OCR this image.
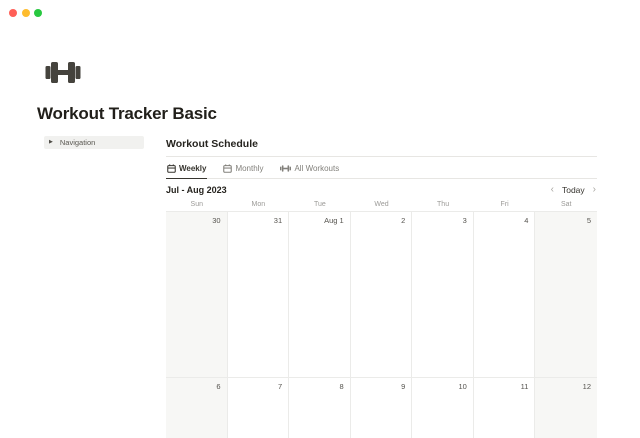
Workout Tracker Basic
▶ Navigation	Workout Schedule
Weekly	Monthly	All Workouts
Jul - Aug 2023	‹ Today ›
Sun	Mon	Tue	Wed	Thu	Fri	Sat
30	31	Aug 1	2	3	4	5
6	7	8	9	10	11	12
